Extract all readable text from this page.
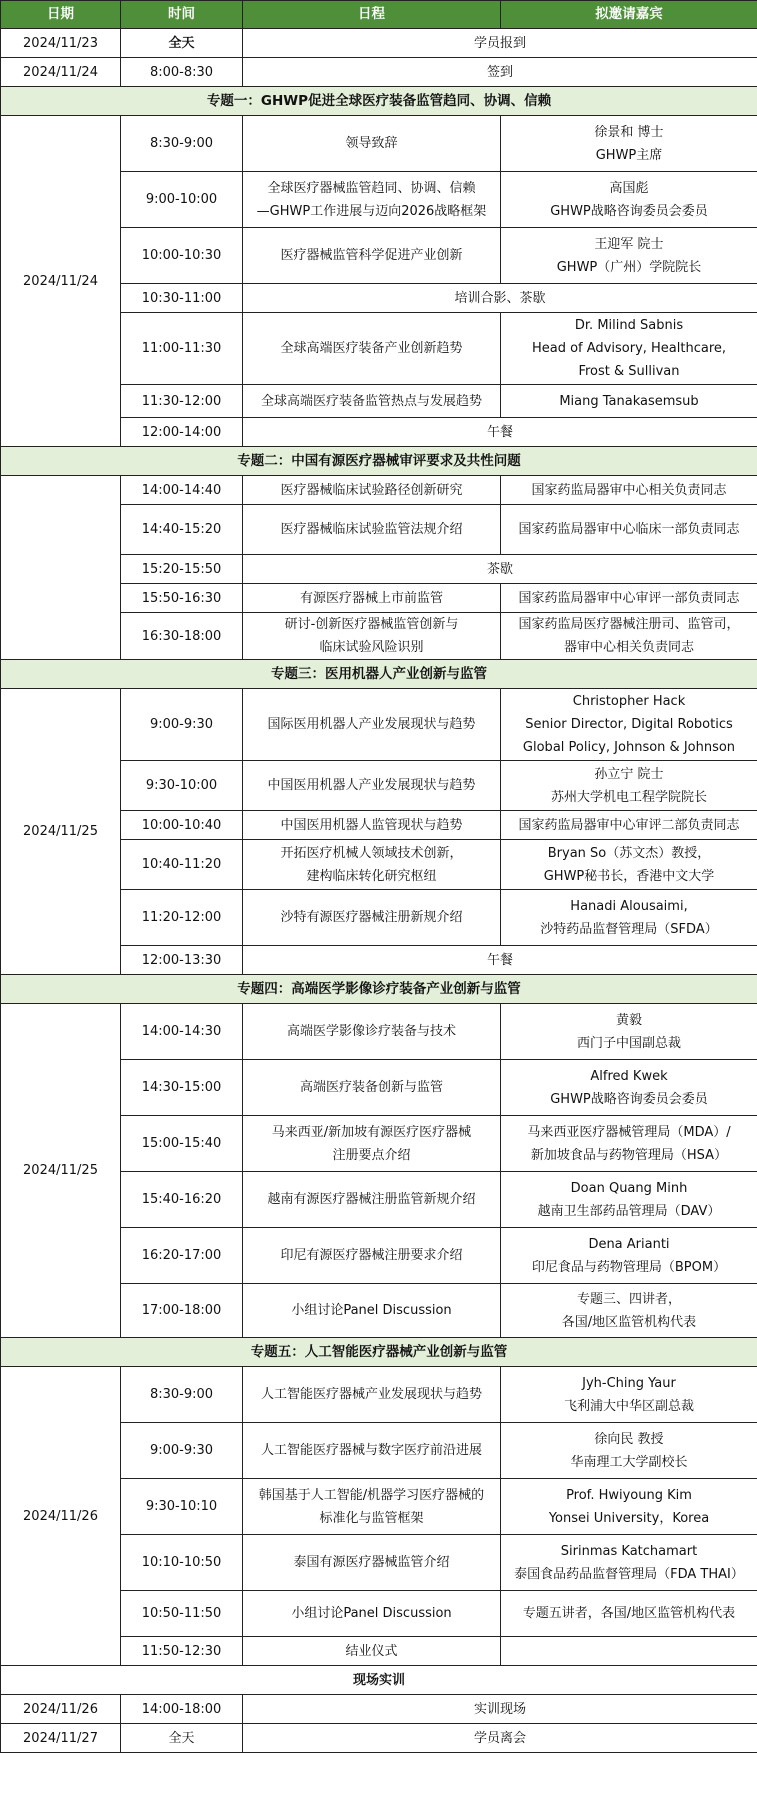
日期	时间	日程	拟邀请嘉宾
2024/11/23	全天	学员报到	
2024/11/24	8:00-8:30	签到	
专题一：GHWP促进全球医疗装备监管趋同、协调、信赖			
2024/11/24	8:30-9:00	领导致辞	徐景和 博士
GHWP主席

	9:00-10:00	全球医疗器械监管趋同、协调、信赖
—GHWP工作进展与迈向2026战略框架	高国彪
GHWP战略咨询委员会委员

	10:00-10:30	医疗器械监管科学促进产业创新	王迎军 院士
GHWP（广州）学院院长

	10:30-11:00	培训合影、茶歇	
	11:00-11:30	全球高端医疗装备产业创新趋势	Dr. Milind Sabnis
Head of Advisory, Healthcare,
Frost & Sullivan

	11:30-12:00	全球高端医疗装备监管热点与发展趋势	Miang Tanakasemsub

	12:00-14:00	午餐	
专题二：中国有源医疗器械审评要求及共性问题			
	14:00-14:40	医疗器械临床试验路径创新研究	国家药监局器审中心相关负责同志

	14:40-15:20	医疗器械临床试验监管法规介绍	国家药监局器审中心临床一部负责同志

	15:20-15:50	茶歇	
	15:50-16:30	有源医疗器械上市前监管	国家药监局器审中心审评一部负责同志

	16:30-18:00	研讨-创新医疗器械监管创新与
临床试验风险识别	国家药监局医疗器械注册司、监管司，
器审中心相关负责同志

专题三：医用机器人产业创新与监管			
2024/11/25	9:00-9:30	国际医用机器人产业发展现状与趋势	Christopher Hack
Senior Director, Digital Robotics
Global Policy, Johnson & Johnson

	9:30-10:00	中国医用机器人产业发展现状与趋势	孙立宁 院士
苏州大学机电工程学院院长

	10:00-10:40	中国医用机器人监管现状与趋势	国家药监局器审中心审评二部负责同志

	10:40-11:20	开拓医疗机械人领域技术创新，
建构临床转化研究枢纽	Bryan So（苏文杰）教授，
GHWP秘书长，香港中文大学

	11:20-12:00	沙特有源医疗器械注册新规介绍	Hanadi Alousaimi,
沙特药品监督管理局（SFDA）

	12:00-13:30	午餐	
专题四：高端医学影像诊疗装备产业创新与监管			
2024/11/25	14:00-14:30	高端医学影像诊疗装备与技术	黄毅
西门子中国副总裁

	14:30-15:00	高端医疗装备创新与监管	Alfred Kwek
GHWP战略咨询委员会委员

	15:00-15:40	马来西亚/新加坡有源医疗医疗器械
注册要点介绍	马来西亚医疗器械管理局（MDA）/
新加坡食品与药物管理局（HSA）

	15:40-16:20	越南有源医疗器械注册监管新规介绍	Doan Quang Minh
越南卫生部药品管理局（DAV）

	16:20-17:00	印尼有源医疗器械注册要求介绍	Dena Arianti
印尼食品与药物管理局（BPOM）

	17:00-18:00	小组讨论Panel Discussion	专题三、四讲者，
各国/地区监管机构代表

专题五：人工智能医疗器械产业创新与监管			
2024/11/26	8:30-9:00	人工智能医疗器械产业发展现状与趋势	Jyh-Ching Yaur
飞利浦大中华区副总裁

	9:00-9:30	人工智能医疗器械与数字医疗前沿进展	徐向民 教授
华南理工大学副校长

	9:30-10:10	韩国基于人工智能/机器学习医疗器械的
标准化与监管框架	Prof. Hwiyoung Kim
Yonsei University，Korea

	10:10-10:50	泰国有源医疗器械监管介绍	Sirinmas Katchamart
泰国食品药品监督管理局（FDA THAI）

	10:50-11:50	小组讨论Panel Discussion	专题五讲者，各国/地区监管机构代表

	11:50-12:30	结业仪式	

现场实训			
2024/11/26	14:00-18:00	实训现场	
2024/11/27	全天	学员离会	
